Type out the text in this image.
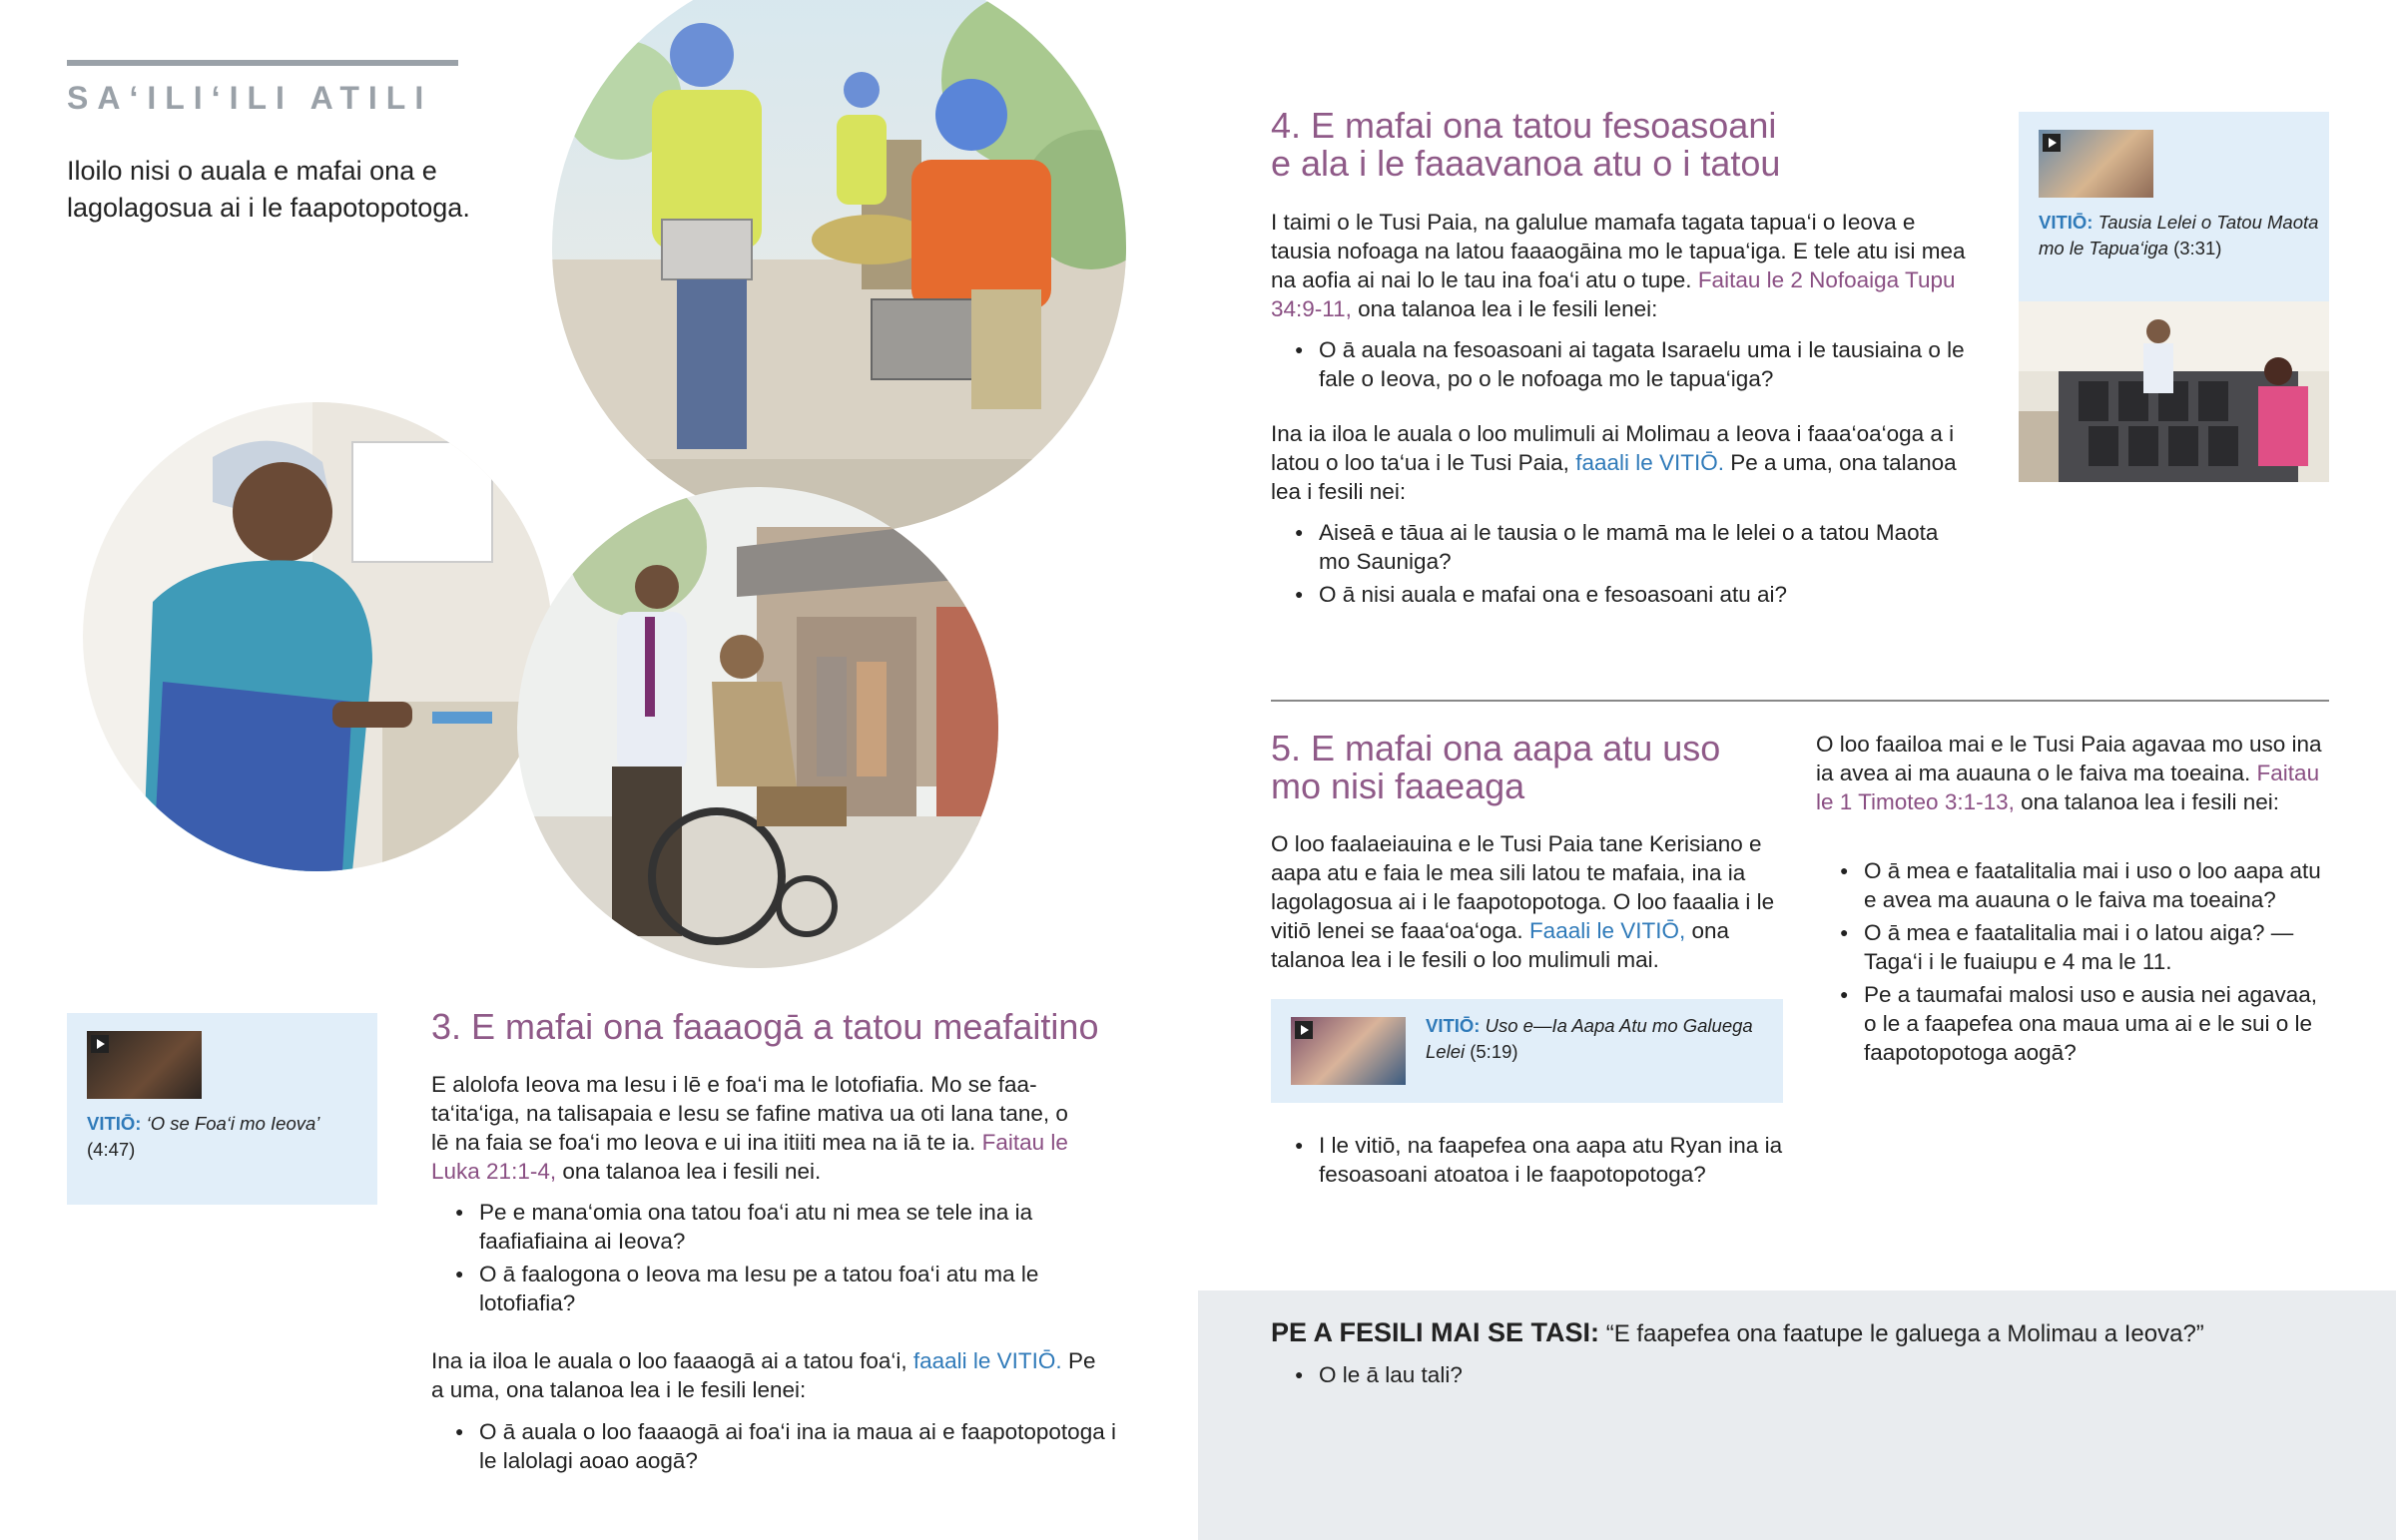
SA‘ILI‘ILI ATILI
Iloilo nisi o auala e mafai ona e lagolagosua ai i le faapotopotoga.
VITIŌ: ‘O se Foa‘i mo Ieova’
(4:47)
3. E mafai ona faaaogā a tatou meafaitino
E alolofa Ieova ma Iesu i lē e foa‘i ma le lotofiafia. Mo se faata‘ita‘iga, na talisapaia e Iesu se fafine mativa ua oti lana tane, o lē na faia se foa‘i mo Ieova e ui ina itiiti mea na iā te ia. Faitau le Luka 21:1-4, ona talanoa lea i fesili nei.
● Pe e mana‘omia ona tatou foa‘i atu ni mea se tele ina ia faafiafiaina ai Ieova?
● O ā faalogona o Ieova ma Iesu pe a tatou foa‘i atu ma le lotofiafia?
Ina ia iloa le auala o loo faaaogā ai a tatou foa‘i, faaali le VITIŌ. Pe a uma, ona talanoa lea i le fesili lenei:
● O ā auala o loo faaaogā ai foa‘i ina ia maua ai e faapotopotoga i le lalolagi aoao aogā?
4. E mafai ona tatou fesoasoani
e ala i le faaavanoa atu o i tatou
I taimi o le Tusi Paia, na galulue mamafa tagata tapua‘i o Ieova e tausia nofoaga na latou faaaogāina mo le tapua‘iga. E tele atu isi mea na aofia ai nai lo le tau ina foa‘i atu o tupe. Faitau le 2 Nofoaiga Tupu 34:9-11, ona talanoa lea i le fesili lenei:
● O ā auala na fesoasoani ai tagata Isaraelu uma i le tausiaina o le fale o Ieova, po o le nofoaga mo le tapua‘iga?
Ina ia iloa le auala o loo mulimuli ai Molimau a Ieova i faaa‘oa‘oga a i latou o loo ta‘ua i le Tusi Paia, faaali le VITIŌ. Pe a uma, ona talanoa lea i fesili nei:
● Aiseā e tāua ai le tausia o le mamā ma le lelei o a tatou Maota mo Sauniga?
● O ā nisi auala e mafai ona e fesoasoani atu ai?
VITIŌ: Tausia Lelei o Tatou Maota mo le Tapua‘iga (3:31)
5. E mafai ona aapa atu uso
mo nisi faaeaga
O loo faalaeiauina e le Tusi Paia tane Kerisiano e aapa atu e faia le mea sili latou te mafaia, ina ia lagolagosua ai i le faapotopotoga. O loo faaalia i le vitiō lenei se faaa‘oa‘oga. Faaali le VITIŌ, ona talanoa lea i le fesili o loo mulimuli mai.
VITIŌ: Uso e—Ia Aapa Atu mo Galuega Lelei (5:19)
● I le vitiō, na faapefea ona aapa atu Ryan ina ia fesoasoani atoatoa i le faapotopotoga?
O loo faailoa mai e le Tusi Paia agavaa mo uso ina ia avea ai ma auauna o le faiva ma toeaina. Faitau le 1 Timoteo 3:1-13, ona talanoa lea i fesili nei:
● O ā mea e faatalitalia mai i uso o loo aapa atu e avea ma auauna o le faiva ma toeaina?
● O ā mea e faatalitalia mai i o latou aiga? —Taga‘i i le fuaiupu e 4 ma le 11.
● Pe a taumafai malosi uso e ausia nei agavaa, o le a faapefea ona maua uma ai e le sui o le faapotopotoga aogā?
PE A FESILI MAI SE TASI: “E faapefea ona faatupe le galuega a Molimau a Ieova?”
● O le ā lau tali?
